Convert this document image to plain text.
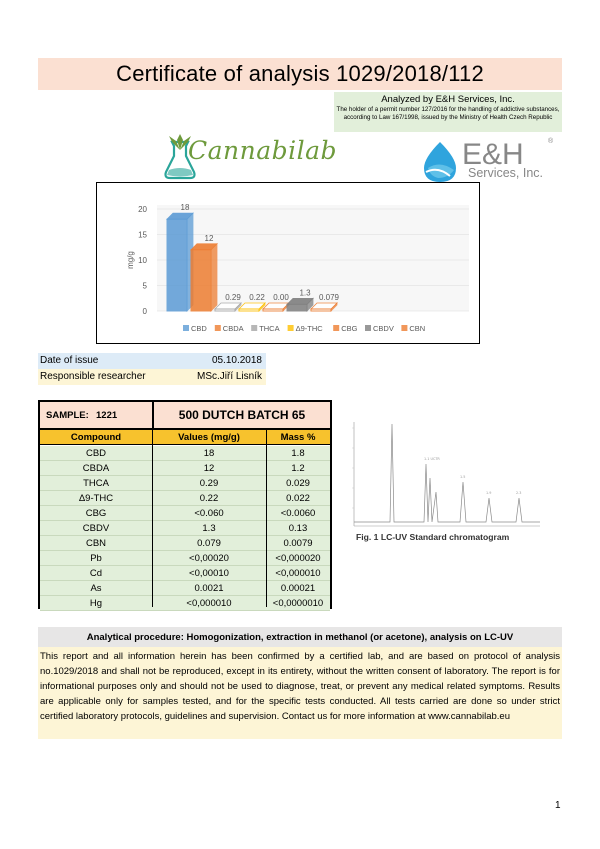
Certificate of analysis 1029/2018/112
Analyzed by E&H Services, Inc.
The holder of a permit number 127/2016 for the handling of addictive substances, according to Law 167/1998, issued by the Ministry of Health Czech Republic
Cannabilab	E&H	®
Services, Inc.
0
5
10
15
20
mg/g
18
12
0.29 0.22 0.00
1.3
0.079
CBD CBDA THCA Δ9-THC CBG CBDV CBN
Date of issue	05.10.2018
Responsible researcher	MSc.Jiří Lisník
SAMPLE: 1221	500 DUTCH BATCH 65
Compound	Values (mg/g)	Mass %
CBD	18	1.8
CBDA	12	1.2
THCA	0.29	0.029
Δ9-THC	0.22	0.022
CBG	<0.060	<0.0060
CBDV	1.3	0.13
CBN	0.079	0.0079
Pb	<0,00020	<0,000020
Cd	<0,00010	<0,000010
As	0.0021	0.00021
Hg	<0,000010	<0,0000010
1.1 UCTR
1.5
1.9	2.3
Fig. 1 LC-UV Standard chromatogram
Analytical procedure: Homogonization, extraction in methanol (or acetone), analysis on LC-UV
This report and all information herein has been confirmed by a certified lab, and are based on protocol of analysis no.1029/2018 and shall not be reproduced, except in its entirety, without the written consent of laboratory. The report is for informational purposes only and should not be used to diagnose, treat, or prevent any medical related symptoms. Results are applicable only for samples tested, and for the specific tests conducted. All tests carried are done so under strict certified laboratory protocols, guidelines and supervision. Contact us for more information at www.cannabilab.eu
1
